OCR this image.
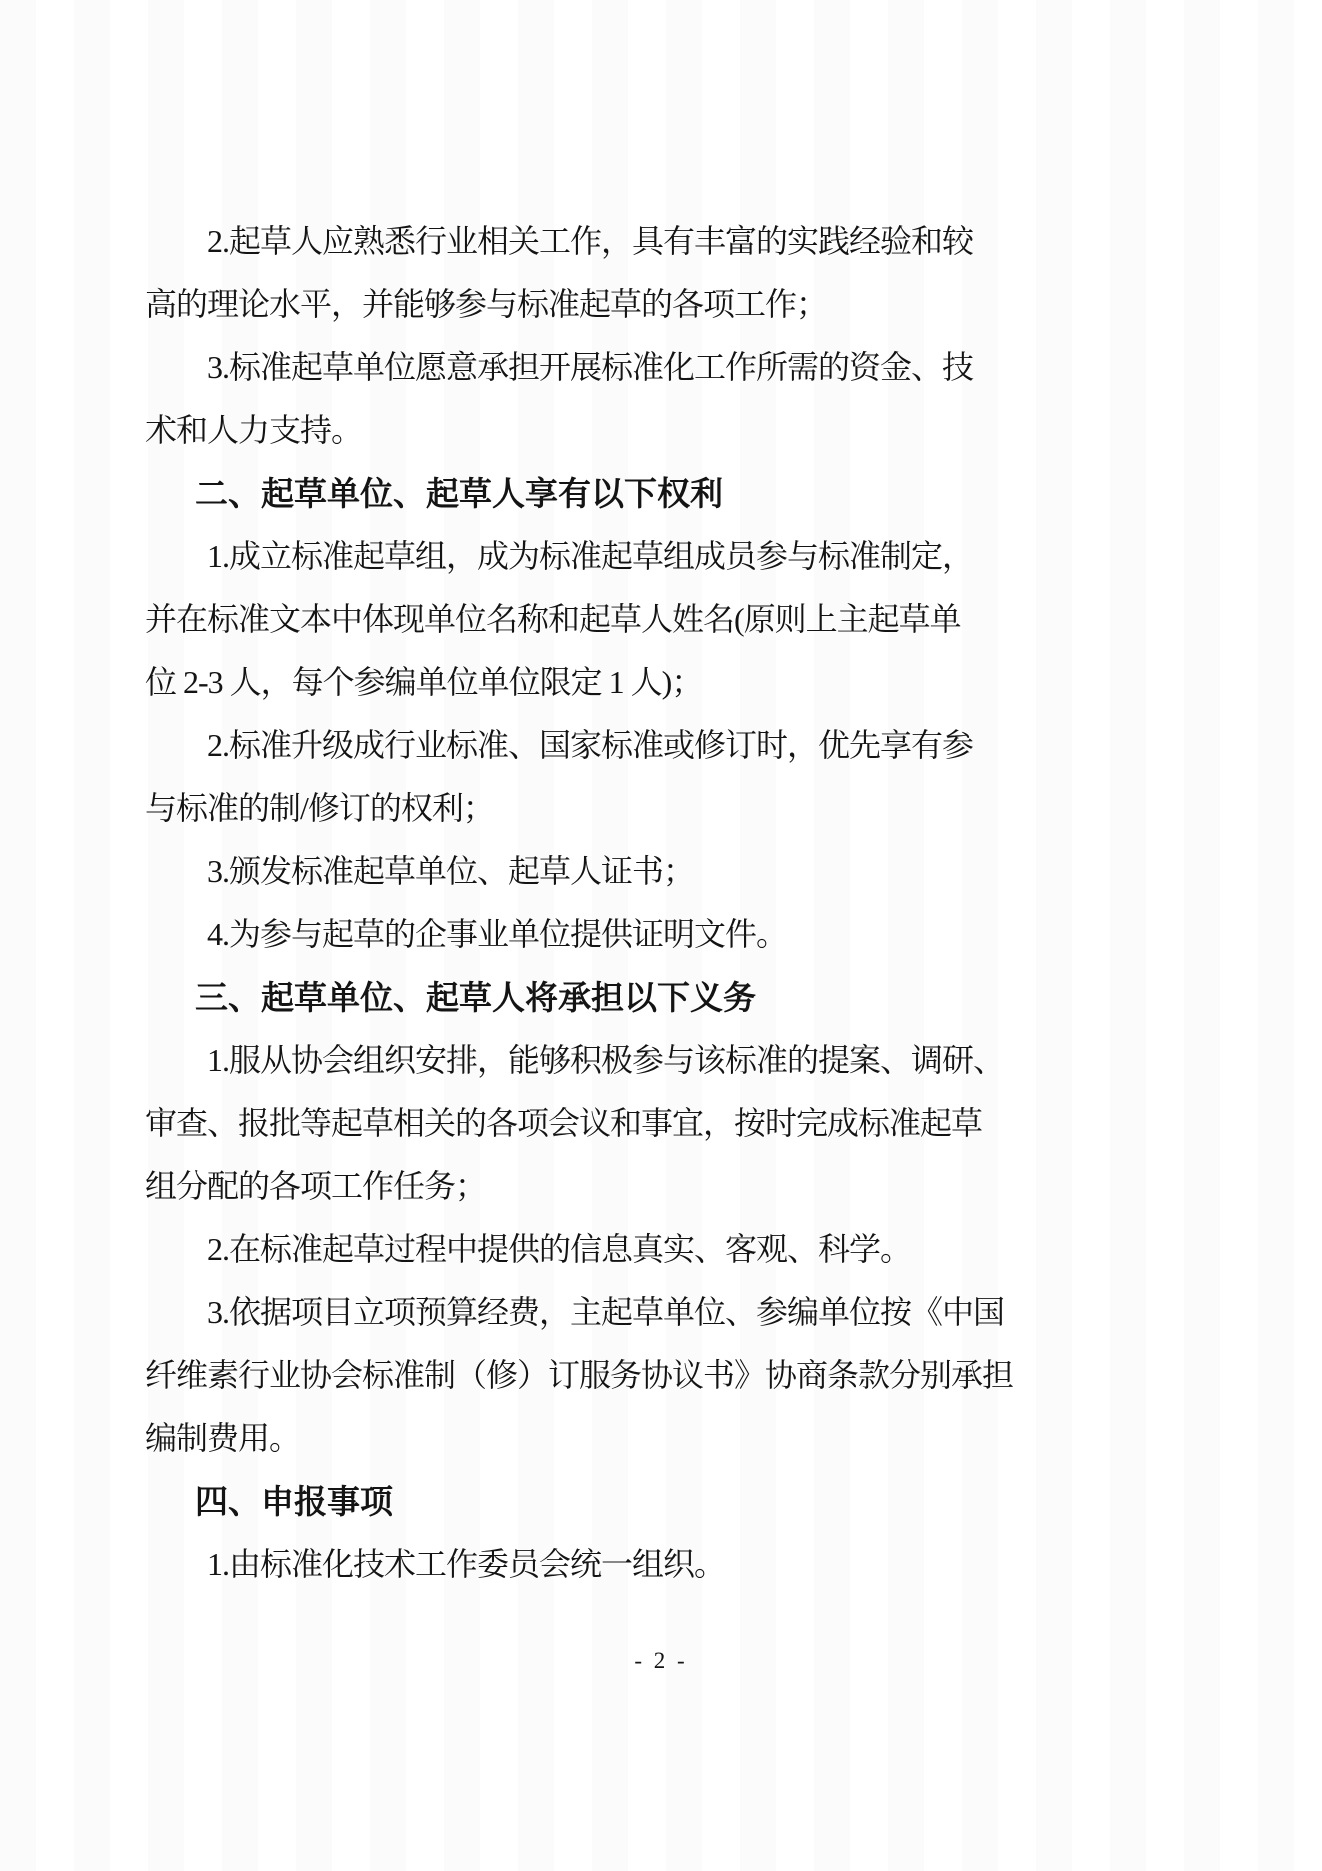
2.起草人应熟悉行业相关工作，具有丰富的实践经验和较
高的理论水平，并能够参与标准起草的各项工作；
3.标准起草单位愿意承担开展标准化工作所需的资金、技
术和人力支持。
二、起草单位、起草人享有以下权利
1.成立标准起草组，成为标准起草组成员参与标准制定，
并在标准文本中体现单位名称和起草人姓名(原则上主起草单
位 2-3 人，每个参编单位单位限定 1 人)；
2.标准升级成行业标准、国家标准或修订时，优先享有参
与标准的制/修订的权利；
3.颁发标准起草单位、起草人证书；
4.为参与起草的企事业单位提供证明文件。
三、起草单位、起草人将承担以下义务
1.服从协会组织安排，能够积极参与该标准的提案、调研、
审查、报批等起草相关的各项会议和事宜，按时完成标准起草
组分配的各项工作任务；
2.在标准起草过程中提供的信息真实、客观、科学。
3.依据项目立项预算经费，主起草单位、参编单位按《中国
纤维素行业协会标准制（修）订服务协议书》协商条款分别承担
编制费用。
四、申报事项
1.由标准化技术工作委员会统一组织。
- 2 -
